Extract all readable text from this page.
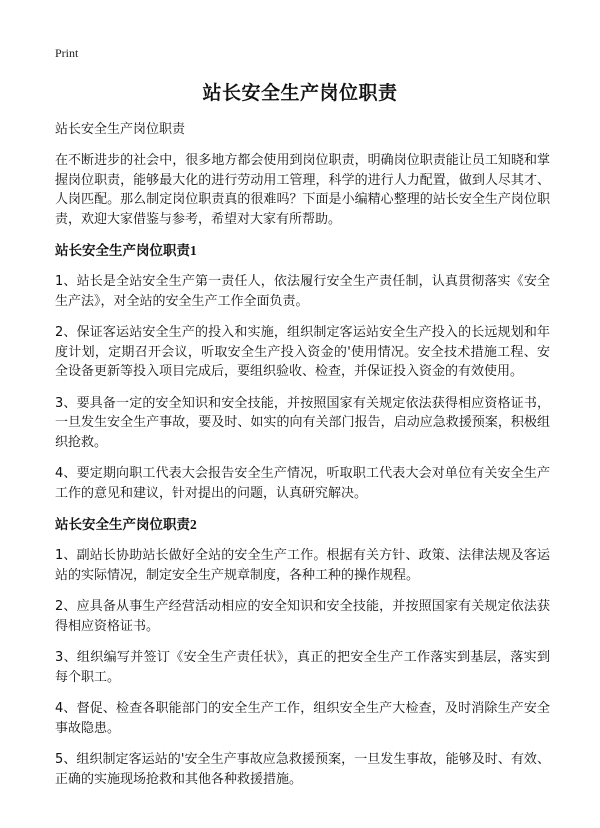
Print
站长安全生产岗位职责

站长安全生产岗位职责

在不断进步的社会中，很多地方都会使用到岗位职责，明确岗位职责能让员工知晓和掌握岗位职责，能够最大化的进行劳动用工管理，科学的进行人力配置，做到人尽其才、人岗匹配。那么制定岗位职责真的很难吗？下面是小编精心整理的站长安全生产岗位职责，欢迎大家借鉴与参考，希望对大家有所帮助。

站长安全生产岗位职责1

1、站长是全站安全生产第一责任人，依法履行安全生产责任制，认真贯彻落实《安全生产法》，对全站的安全生产工作全面负责。

2、保证客运站安全生产的投入和实施，组织制定客运站安全生产投入的长远规划和年度计划，定期召开会议，听取安全生产投入资金的'使用情况。安全技术措施工程、安全设备更新等投入项目完成后，要组织验收、检查，并保证投入资金的有效使用。

3、要具备一定的安全知识和安全技能，并按照国家有关规定依法获得相应资格证书，一旦发生安全生产事故，要及时、如实的向有关部门报告，启动应急救援预案，积极组织抢救。

4、要定期向职工代表大会报告安全生产情况，听取职工代表大会对单位有关安全生产工作的意见和建议，针对提出的问题，认真研究解决。

站长安全生产岗位职责2

1、副站长协助站长做好全站的安全生产工作。根据有关方针、政策、法律法规及客运站的实际情况，制定安全生产规章制度，各种工种的操作规程。

2、应具备从事生产经营活动相应的安全知识和安全技能，并按照国家有关规定依法获得相应资格证书。

3、组织编写并签订《安全生产责任状》，真正的把安全生产工作落实到基层，落实到每个职工。

4、督促、检查各职能部门的安全生产工作，组织安全生产大检查，及时消除生产安全事故隐患。

5、组织制定客运站的'安全生产事故应急救援预案，一旦发生事故，能够及时、有效、正确的实施现场抢救和其他各种救援措施。
